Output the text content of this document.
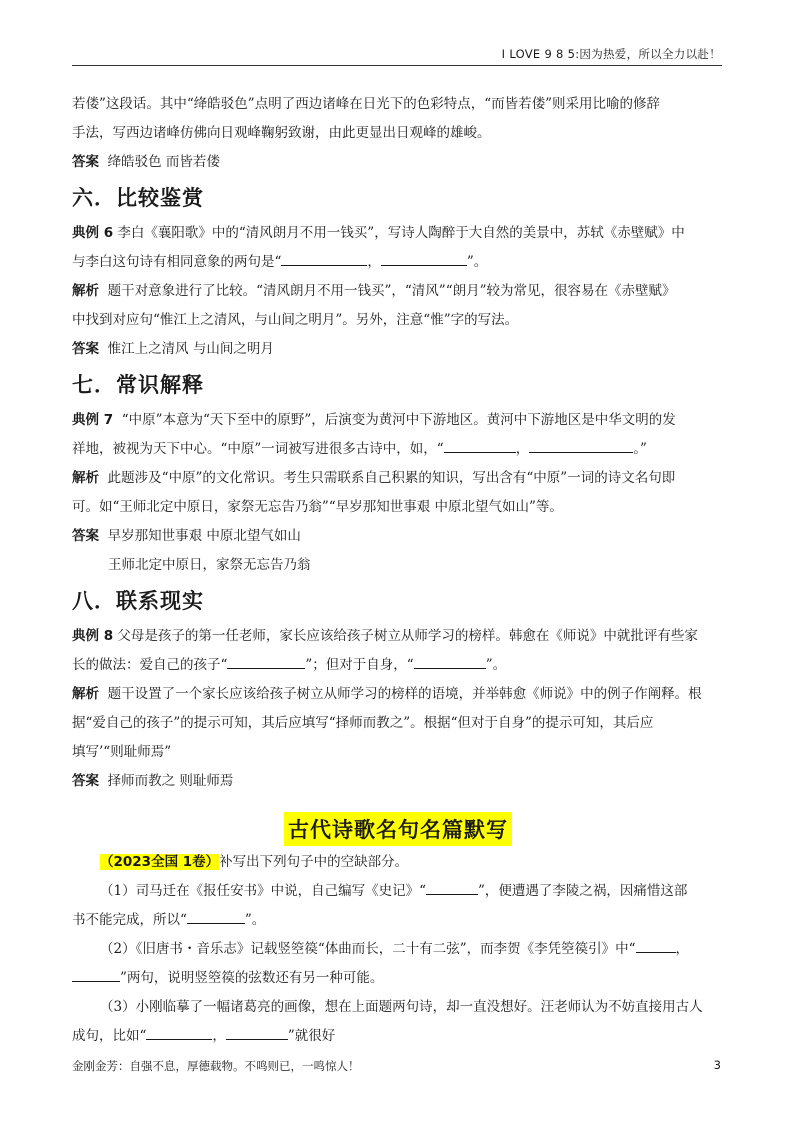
I LOVE 9 8 5:因为热爱，所以全力以赴！

若偻”这段话。其中“绛皓驳色”点明了西边诸峰在日光下的色彩特点，“而皆若偻”则采用比喻的修辞

手法，写西边诸峰仿佛向日观峰鞠躬致谢，由此更显出日观峰的雄峻。

答案 绛皓驳色 而皆若偻

六．比较鉴赏

典例 6 李白《襄阳歌》中的“清风朗月不用一钱买”，写诗人陶醉于大自然的美景中，苏轼《赤壁赋》中

与李白这句诗有相同意象的两句是“	，	”。

解析 题干对意象进行了比较。“清风朗月不用一钱买”，“清风”“朗月”较为常见，很容易在《赤壁赋》

中找到对应句“惟江上之清风，与山间之明月”。另外，注意“惟”字的写法。

答案 惟江上之清风 与山间之明月

七．常识解释

典例 7 “中原”本意为“天下至中的原野”，后演变为黄河中下游地区。黄河中下游地区是中华文明的发

祥地，被视为天下中心。“中原”一词被写进很多古诗中，如，“	，	。”

解析 此题涉及“中原”的文化常识。考生只需联系自己积累的知识，写出含有“中原”一词的诗文名句即

可。如“王师北定中原日，家祭无忘告乃翁”“早岁那知世事艰 中原北望气如山”等。

答案 早岁那知世事艰 中原北望气如山

王师北定中原日，家祭无忘告乃翁

八．联系现实

典例 8 父母是孩子的第一任老师，家长应该给孩子树立从师学习的榜样。韩愈在《师说》中就批评有些家

长的做法：爱自己的孩子“	”；但对于自身，“	”。

解析 题干设置了一个家长应该给孩子树立从师学习的榜样的语境，并举韩愈《师说》中的例子作阐释。根

据“爱自己的孩子”的提示可知，其后应填写“择师而教之”。根据“但对于自身”的提示可知，其后应

填写’“则耻师焉”

答案 择师而教之 则耻师焉

古代诗歌名句名篇默写

（2023全国 1卷）补写出下列句子中的空缺部分。

（1）司马迁在《报任安书》中说，自己编写《史记》“	”，便遭遇了李陵之祸，因痛惜这部

书不能完成，所以“	”。

（2）《旧唐书・音乐志》记载竖箜篌“体曲而长，二十有二弦”，而李贺《李凭箜篌引》中“	，

”两句，说明竖箜篌的弦数还有另一种可能。

（3）小刚临摹了一幅诸葛亮的画像，想在上面题两句诗，却一直没想好。汪老师认为不妨直接用古人

成句，比如“	，	”就很好

金刚金芳：自强不息，厚德载物。不鸣则已，一鸣惊人！	3
